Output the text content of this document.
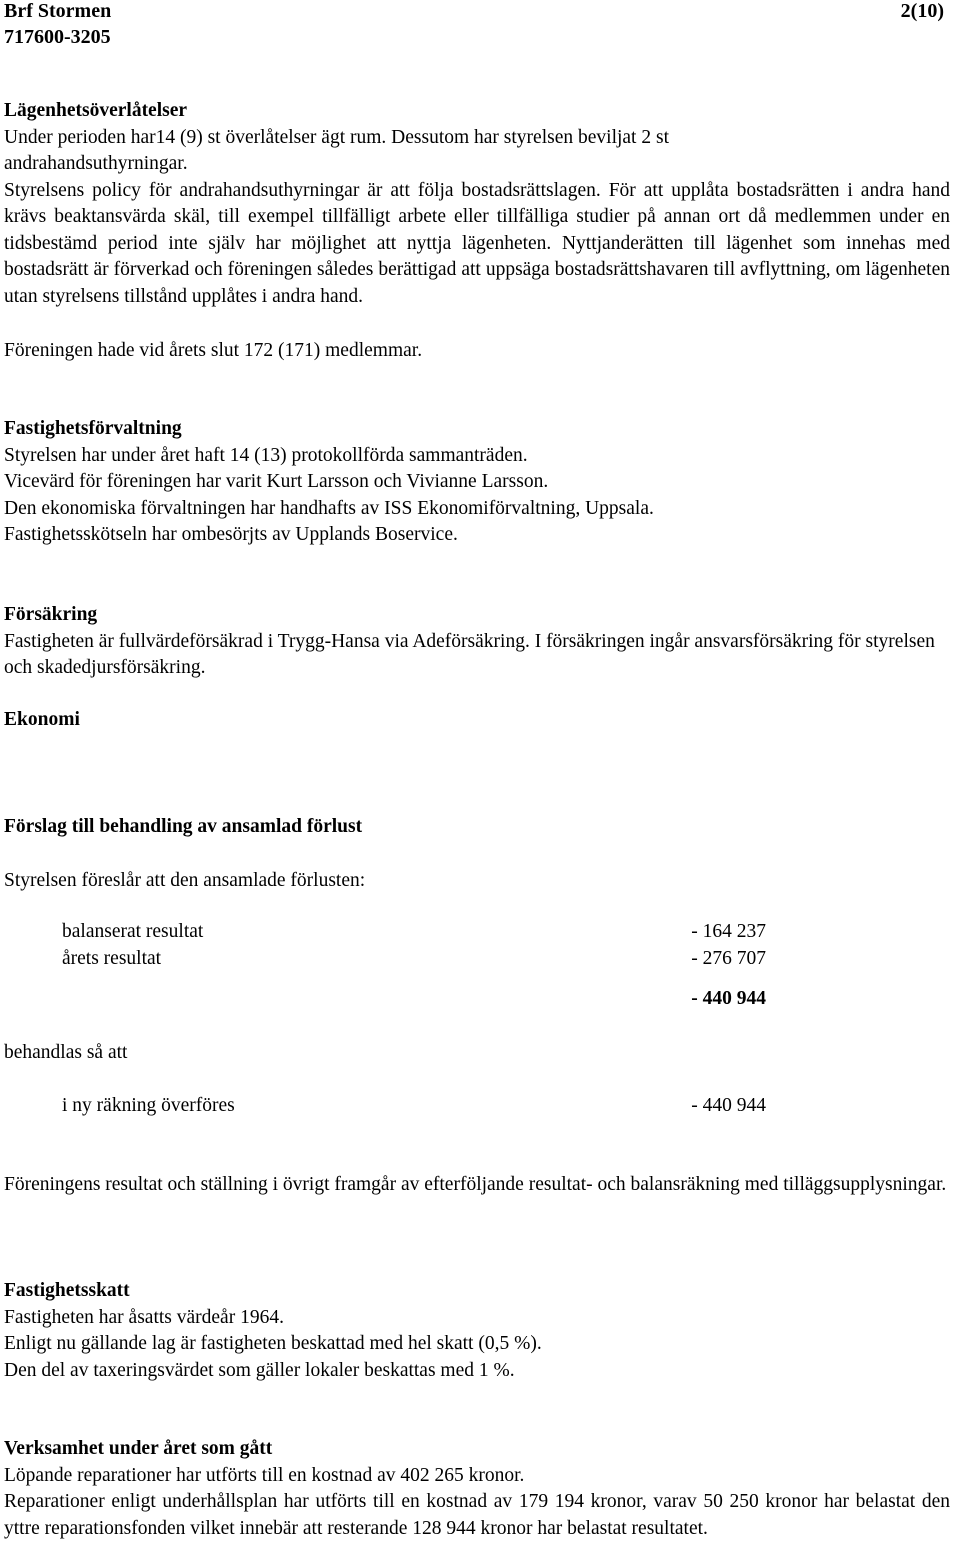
Brf Stormen
717600-3205
2(10)

Lägenhetsöverlåtelser

Under perioden har14 (9) st överlåtelser ägt rum. Dessutom har styrelsen beviljat 2 st andrahandsuthyrningar.

Styrelsens policy för andrahandsuthyrningar är att följa bostadsrättslagen. För att upplåta bostadsrätten i andra hand krävs beaktansvärda skäl, till exempel tillfälligt arbete eller tillfälliga studier på annan ort då medlemmen under en tidsbestämd period inte själv har möjlighet att nyttja lägenheten. Nyttjanderätten till lägenhet som innehas med bostadsrätt är förverkad och föreningen således berättigad att uppsäga bostadsrättshavaren till avflyttning, om lägenheten utan styrelsens tillstånd upplåtes i andra hand.

Föreningen hade vid årets slut 172 (171) medlemmar.

Fastighetsförvaltning

Styrelsen har under året haft 14 (13) protokollförda sammanträden.

Vicevärd för föreningen har varit Kurt Larsson och Vivianne Larsson.

Den ekonomiska förvaltningen har handhafts av ISS Ekonomiförvaltning, Uppsala.

Fastighetsskötseln har ombesörjts av Upplands Boservice.

Försäkring

Fastigheten är fullvärdeförsäkrad i Trygg-Hansa via Adeförsäkring. I försäkringen ingår ansvarsförsäkring för styrelsen och skadedjursförsäkring.

Ekonomi

Förslag till behandling av ansamlad förlust

Styrelsen föreslår att den ansamlade förlusten:

balanserat resultat	- 164 237
årets resultat	- 276 707
- 440 944

behandlas så att

i ny räkning överföres	- 440 944

Föreningens resultat och ställning i övrigt framgår av efterföljande resultat- och balansräkning med tilläggsupplysningar.

Fastighetsskatt

Fastigheten har åsatts värdeår 1964.

Enligt nu gällande lag är fastigheten beskattad med hel skatt (0,5 %).

Den del av taxeringsvärdet som gäller lokaler beskattas med 1 %.

Verksamhet under året som gått

Löpande reparationer har utförts till en kostnad av 402 265 kronor.

Reparationer enligt underhållsplan har utförts till en kostnad av 179 194 kronor, varav 50 250 kronor har belastat den yttre reparationsfonden vilket innebär att resterande 128 944 kronor har belastat resultatet.
